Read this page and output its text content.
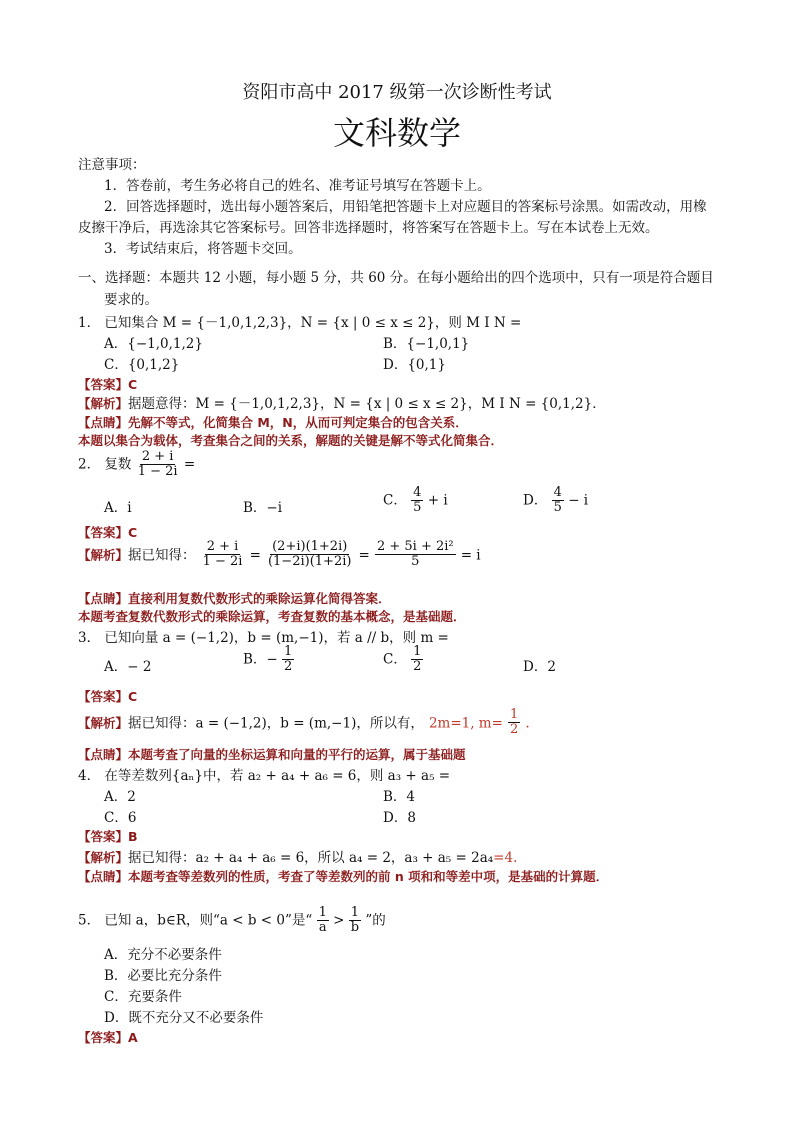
资阳市高中 2017 级第一次诊断性考试
文科数学
注意事项：
1．答卷前，考生务必将自己的姓名、准考证号填写在答题卡上。
2．回答选择题时，选出每小题答案后，用铅笔把答题卡上对应题目的答案标号涂黑。如需改动，用橡
皮擦干净后，再选涂其它答案标号。回答非选择题时，将答案写在答题卡上。写在本试卷上无效。
3．考试结束后，将答题卡交回。
一、选择题：本题共 12 小题，每小题 5 分，共 60 分。在每小题给出的四个选项中，只有一项是符合题目
要求的。
1． 已知集合 M = {－1,0,1,2,3}，N = {x | 0 ≤ x ≤ 2}，则 M Ι N =
A．{−1,0,1,2}	B．{−1,0,1}
C．{0,1,2}	D．{0,1}
【答案】C
【解析】据题意得：M = {－1,0,1,2,3}，N = {x | 0 ≤ x ≤ 2}，M Ι N = {0,1,2}．
【点睛】先解不等式，化简集合 M，N，从而可判定集合的包含关系．
本题以集合为载体，考查集合之间的关系，解题的关键是解不等式化简集合．
2． 复数 $\frac{2 + i}{1 - 2i}$ =
A．i	B．−i	C． $\frac{4}{5} + i$	D． $\frac{4}{5} - i$
【答案】C
【解析】据已知得： $\frac{2 + i}{1 - 2i} = \frac{(2+i)(1+2i)}{(1-2i)(1+2i)} = \frac{\text{2 + 5i + 2i²}}{5} = i$
【点睛】直接利用复数代数形式的乘除运算化简得答案．
本题考查复数代数形式的乘除运算，考查复数的基本概念，是基础题．
3． 已知向量 a = (−1,2)，b = (m,−1)，若 a // b，则 m =
A．− 2	B．− $\frac{1}{2}$	C． $\frac{1}{2}$	D．2
【答案】C
【解析】据已知得：a = (−1,2)，b = (m,−1)，所以有， 2m=1, $m= \frac{1}{2}$ .
【点睛】本题考查了向量的坐标运算和向量的平行的运算，属于基础题
4． 在等差数列{aₙ}中，若 a₂ + a₄ + a₆ = 6，则 a₃ + a₅ =
A．2	B．4
C．6	D．8
【答案】B
【解析】据已知得：a₂ + a₄ + a₆ = 6，所以 a₄ = 2，a₃ + a₅ = 2a₄=4.
【点睛】本题考查等差数列的性质，考查了等差数列的前 n 项和和等差中项，是基础的计算题．
5． 已知 a，b∈R，则“a < b < 0”是“ $\frac{1}{a} > \frac{1}{b}$ ”的
A．充分不必要条件
B．必要比充分条件
C．充要条件
D．既不充分又不必要条件
【答案】A
